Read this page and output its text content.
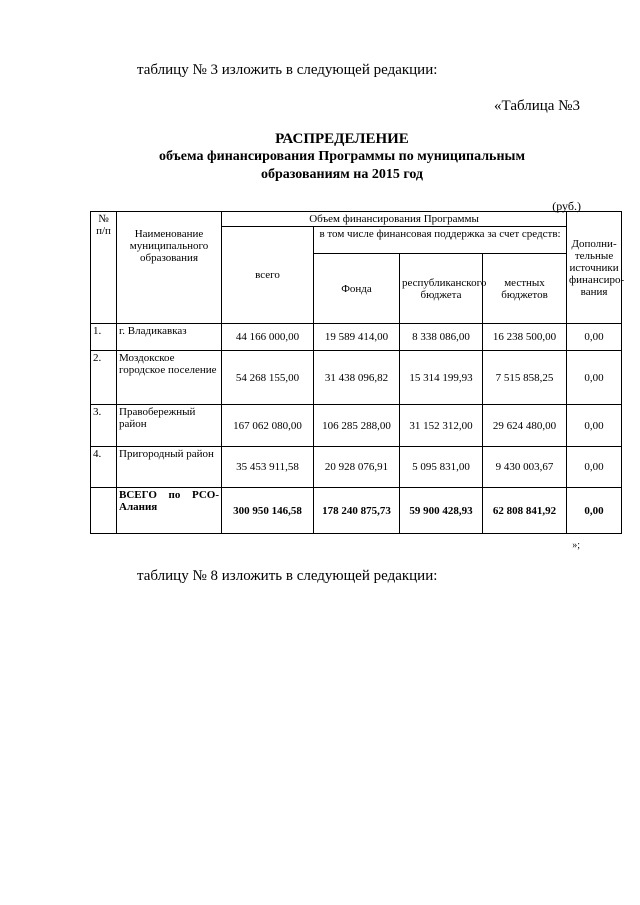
таблицу № 3 изложить в следующей редакции:
«Таблица №3
РАСПРЕДЕЛЕНИЕ
объема финансирования Программы по муниципальным
образованиям на 2015 год
(руб.)
№ п/п	Наименование муниципального образования	Объем финансирования Программы				Дополни-тельные источники финансиро-вания
		всего	в том числе финансовая поддержка за счет средств:			
			Фонда	республиканского бюджета	местных бюджетов	
1.	г. Владикавказ	44 166 000,00	19 589 414,00	8 338 086,00	16 238 500,00	0,00
2.	Моздокское городское поселение	54 268 155,00	31 438 096,82	15 314 199,93	7 515 858,25	0,00
3.	Правобережный район	167 062 080,00	106 285 288,00	31 152 312,00	29 624 480,00	0,00
4.	Пригородный район	35 453 911,58	20 928 076,91	5 095 831,00	9 430 003,67	0,00
	ВСЕГО по РСО-Алания	300 950 146,58	178 240 875,73	59 900 428,93	62 808 841,92	0,00
»;
таблицу № 8 изложить в следующей редакции:
